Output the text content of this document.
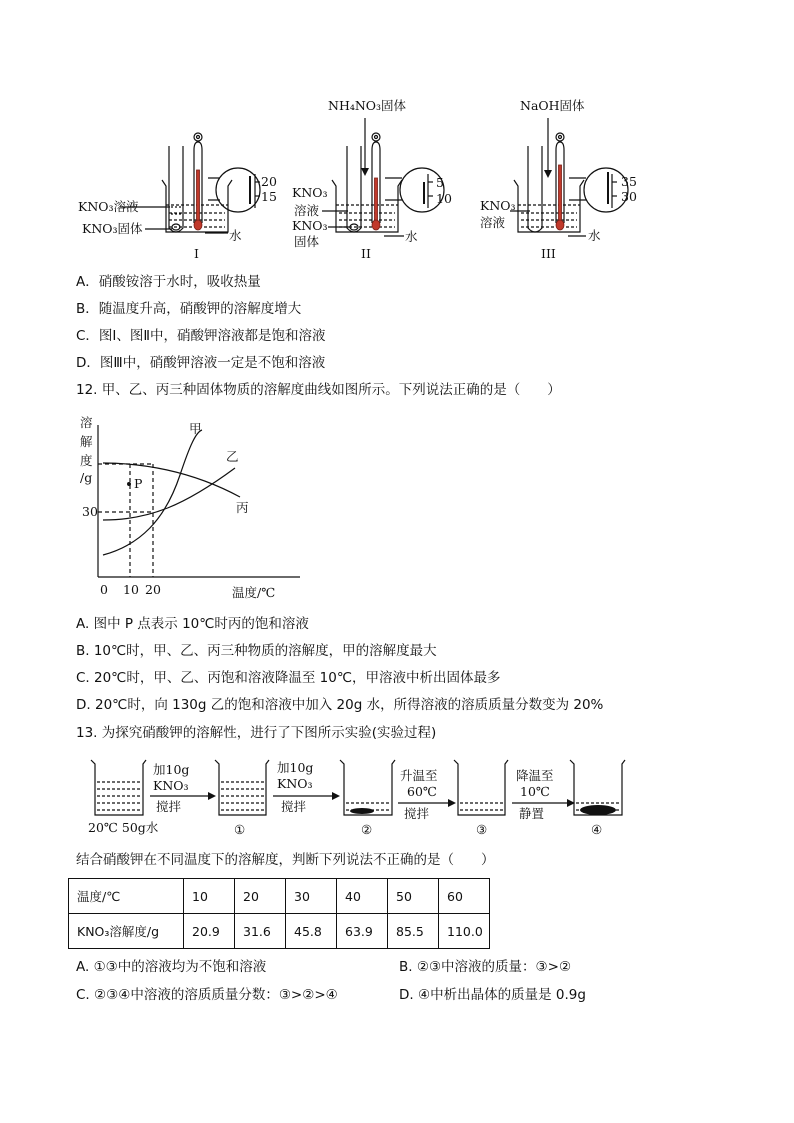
KNO₃溶液
KNO₃固体	水
20
15
I
NH₄NO₃固体
KNO₃
溶液
KNO₃
固体	水
5
10
II
NaOH固体
KNO₃
溶液
水
35
30
III
A．硝酸铵溶于水时，吸收热量
B．随温度升高，硝酸钾的溶解度增大
C．图Ⅰ、图Ⅱ中，硝酸钾溶液都是饱和溶液
D．图Ⅲ中，硝酸钾溶液一定是不饱和溶液
12. 甲、乙、丙三种固体物质的溶解度曲线如图所示。下列说法正确的是（　　）
溶
解
度
/g
30
0 10 20	温度/℃
甲
乙
丙
P
A. 图中 P 点表示 10℃时丙的饱和溶液
B. 10℃时，甲、乙、丙三种物质的溶解度，甲的溶解度最大
C. 20℃时，甲、乙、丙饱和溶液降温至 10℃，甲溶液中析出固体最多
D. 20℃时，向 130g 乙的饱和溶液中加入 20g 水，所得溶液的溶质质量分数变为 20%
13. 为探究硝酸钾的溶解性，进行了下图所示实验(实验过程)
加10g
KNO₃
搅拌
加10g
KNO₃
搅拌
升温至
60℃
搅拌
降温至
10℃
静置
20℃ 50g水	①	②	③	④
结合硝酸钾在不同温度下的溶解度，判断下列说法不正确的是（　　）
温度/℃	10	20	30	40	50	60
KNO₃溶解度/g	20.9	31.6	45.8	63.9	85.5	110.0
A. ①③中的溶液均为不饱和溶液	B. ②③中溶液的质量：③>②
C. ②③④中溶液的溶质质量分数：③>②>④	D. ④中析出晶体的质量是 0.9g
